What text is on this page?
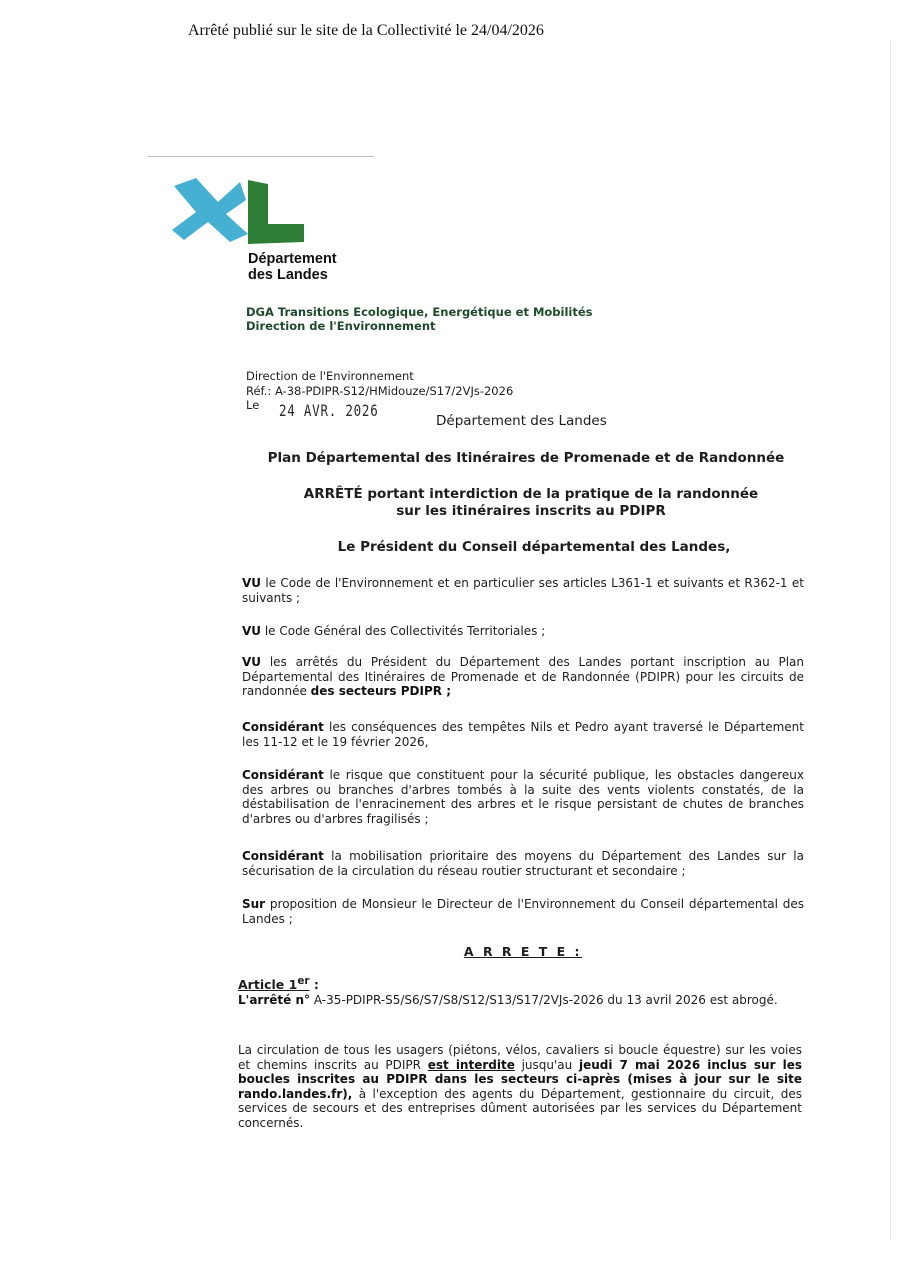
Arrêté publié sur le site de la Collectivité le 24/04/2026
Département
des Landes
DGA Transitions Ecologique, Energétique et Mobilités
Direction de l'Environnement
Direction de l'Environnement
Réf.: A-38-PDIPR-S12/HMidouze/S17/2VJs-2026
Le 24 AVR. 2026
Département des Landes
Plan Départemental des Itinéraires de Promenade et de Randonnée
ARRÊTÉ portant interdiction de la pratique de la randonnée
sur les itinéraires inscrits au PDIPR
Le Président du Conseil départemental des Landes,
VU le Code de l'Environnement et en particulier ses articles L361-1 et suivants et R362-1 et suivants ;
VU le Code Général des Collectivités Territoriales ;
VU les arrêtés du Président du Département des Landes portant inscription au Plan Départemental des Itinéraires de Promenade et de Randonnée (PDIPR) pour les circuits de randonnée des secteurs PDIPR ;
Considérant les conséquences des tempêtes Nils et Pedro ayant traversé le Département les 11-12 et le 19 février 2026,
Considérant le risque que constituent pour la sécurité publique, les obstacles dangereux des arbres ou branches d'arbres tombés à la suite des vents violents constatés, de la déstabilisation de l'enracinement des arbres et le risque persistant de chutes de branches d'arbres ou d'arbres fragilisés ;
Considérant la mobilisation prioritaire des moyens du Département des Landes sur la sécurisation de la circulation du réseau routier structurant et secondaire ;
Sur proposition de Monsieur le Directeur de l'Environnement du Conseil départemental des Landes ;
A R R E T E :
Article 1er :
L'arrêté n° A-35-PDIPR-S5/S6/S7/S8/S12/S13/S17/2VJs-2026 du 13 avril 2026 est abrogé.
La circulation de tous les usagers (piétons, vélos, cavaliers si boucle équestre) sur les voies et chemins inscrits au PDIPR est interdite jusqu'au jeudi 7 mai 2026 inclus sur les boucles inscrites au PDIPR dans les secteurs ci-après (mises à jour sur le site rando.landes.fr), à l'exception des agents du Département, gestionnaire du circuit, des services de secours et des entreprises dûment autorisées par les services du Département concernés.
